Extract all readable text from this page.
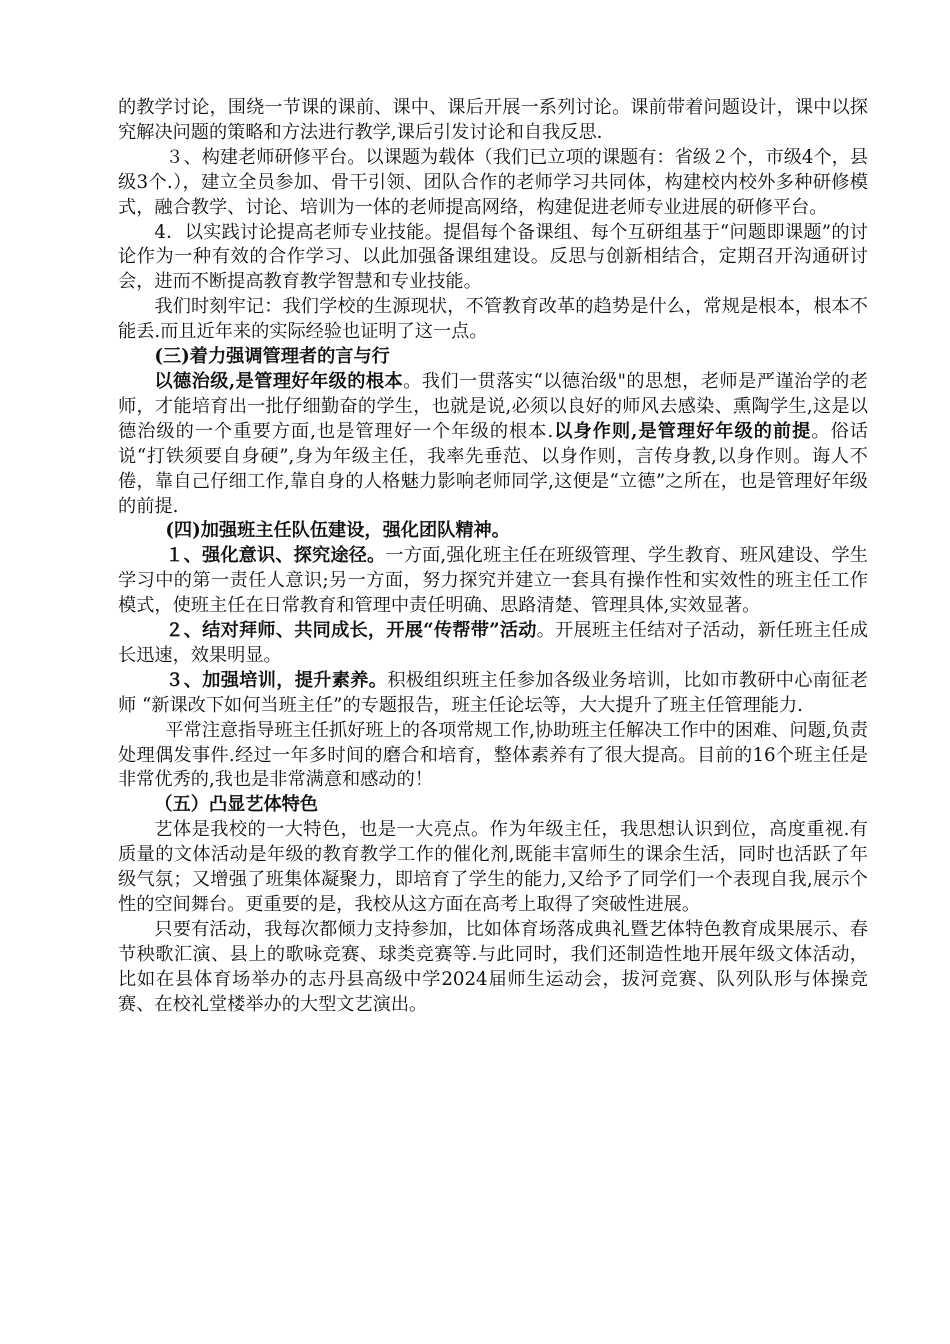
的教学讨论，围绕一节课的课前、课中、课后开展一系列讨论。课前带着问题设计，课中以探究解决问题的策略和方法进行教学,课后引发讨论和自我反思.

３、构建老师研修平台。以课题为载体（我们已立项的课题有：省级２个，市级4个，县级3个.），建立全员参加、骨干引领、团队合作的老师学习共同体，构建校内校外多种研修模式，融合教学、讨论、培训为一体的老师提高网络，构建促进老师专业进展的研修平台。

4．以实践讨论提高老师专业技能。提倡每个备课组、每个互研组基于“问题即课题”的讨论作为一种有效的合作学习、以此加强备课组建设。反思与创新相结合，定期召开沟通研讨会，进而不断提高教育教学智慧和专业技能。

我们时刻牢记：我们学校的生源现状，不管教育改革的趋势是什么，常规是根本，根本不能丢.而且近年来的实际经验也证明了这一点。

(三)着力强调管理者的言与行

以德治级,是管理好年级的根本。我们一贯落实“以德治级"的思想，老师是严谨治学的老师，才能培育出一批仔细勤奋的学生，也就是说,必须以良好的师风去感染、熏陶学生,这是以德治级的一个重要方面,也是管理好一个年级的根本.以身作则,是管理好年级的前提。俗话说“打铁须要自身硬”,身为年级主任，我率先垂范、以身作则，言传身教,以身作则。诲人不倦，靠自己仔细工作,靠自身的人格魅力影响老师同学,这便是“立德”之所在，也是管理好年级的前提.

(四)加强班主任队伍建设，强化团队精神。

１、强化意识、探究途径。一方面,强化班主任在班级管理、学生教育、班风建设、学生学习中的第一责任人意识;另一方面，努力探究并建立一套具有操作性和实效性的班主任工作模式，使班主任在日常教育和管理中责任明确、思路清楚、管理具体,实效显著。

２、结对拜师、共同成长，开展“传帮带”活动。开展班主任结对子活动，新任班主任成长迅速，效果明显。

３、加强培训，提升素养。积极组织班主任参加各级业务培训，比如市教研中心南征老师 “新课改下如何当班主任”的专题报告，班主任论坛等，大大提升了班主任管理能力.

平常注意指导班主任抓好班上的各项常规工作,协助班主任解决工作中的困难、问题,负责处理偶发事件.经过一年多时间的磨合和培育，整体素养有了很大提高。目前的16个班主任是非常优秀的,我也是非常满意和感动的！

（五）凸显艺体特色

艺体是我校的一大特色，也是一大亮点。作为年级主任，我思想认识到位，高度重视.有质量的文体活动是年级的教育教学工作的催化剂,既能丰富师生的课余生活，同时也活跃了年级气氛；又增强了班集体凝聚力，即培育了学生的能力,又给予了同学们一个表现自我,展示个性的空间舞台。更重要的是，我校从这方面在高考上取得了突破性进展。

只要有活动，我每次都倾力支持参加，比如体育场落成典礼暨艺体特色教育成果展示、春节秧歌汇演、县上的歌咏竞赛、球类竞赛等.与此同时，我们还制造性地开展年级文体活动，比如在县体育场举办的志丹县高级中学2024届师生运动会，拔河竞赛、队列队形与体操竞赛、在校礼堂楼举办的大型文艺演出。
